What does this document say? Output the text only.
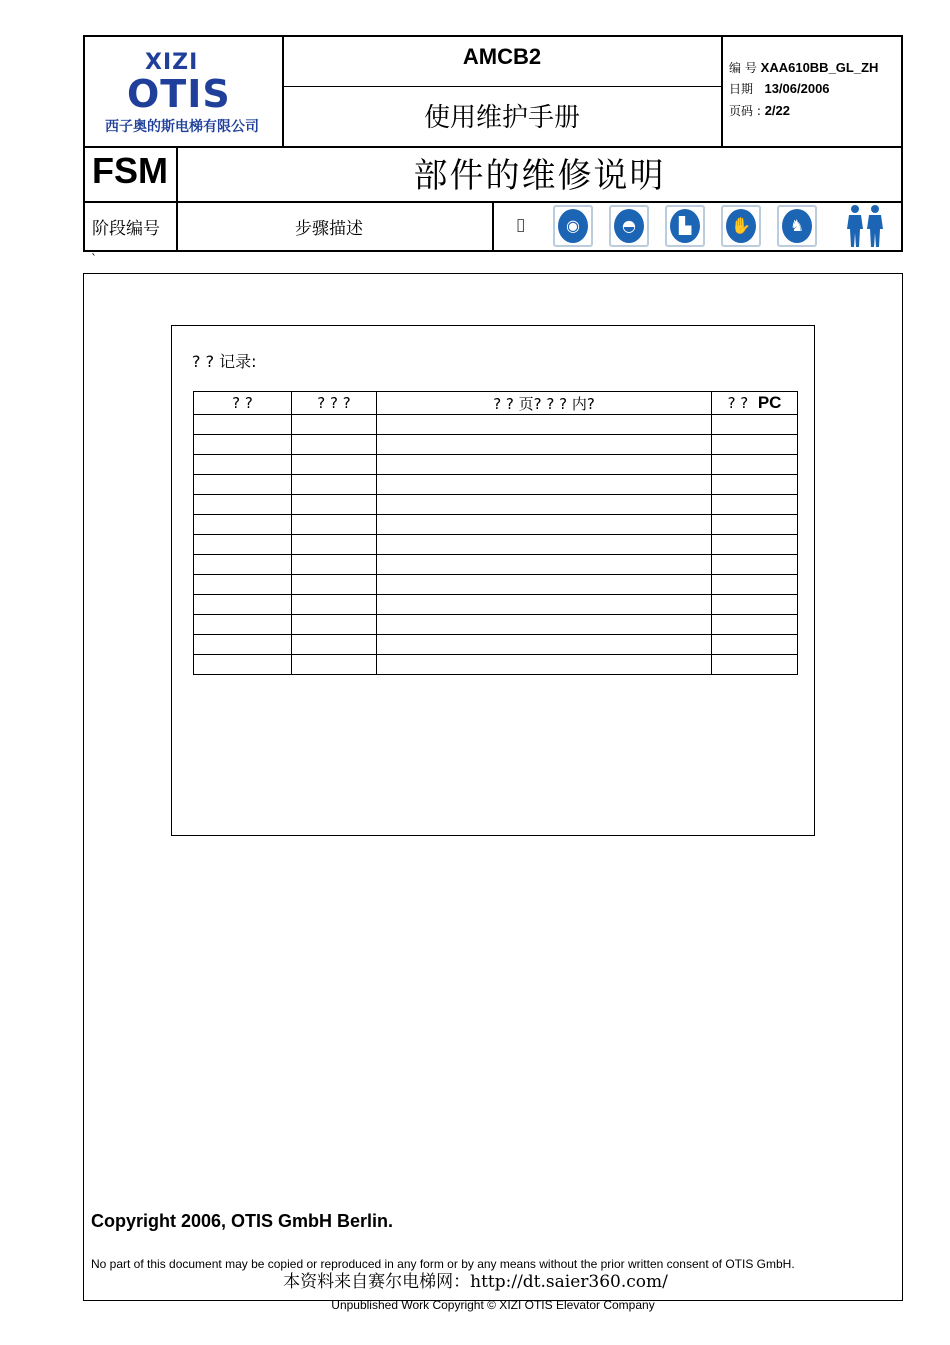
XIZI
OTIS
西子奥的斯电梯有限公司
AMCB2
使用维护手册
编 号 XAA610BB_GL_ZH
日期 13/06/2006
页码 : 2/22
FSM	部件的维修说明
阶段编号	步骤描述	▯	◉	◓	▙	✋	♞
`
? ? 记录:
? ?	? ? ?	? ? 页? ? ? 内?	? ? PC

Copyright 2006, OTIS GmbH Berlin.
No part of this document may be copied or reproduced in any form or by any means without the prior written consent of OTIS GmbH.
本资料来自赛尔电梯网：http://dt.saier360.com/
Unpublished Work Copyright © XIZI OTIS Elevator Company
